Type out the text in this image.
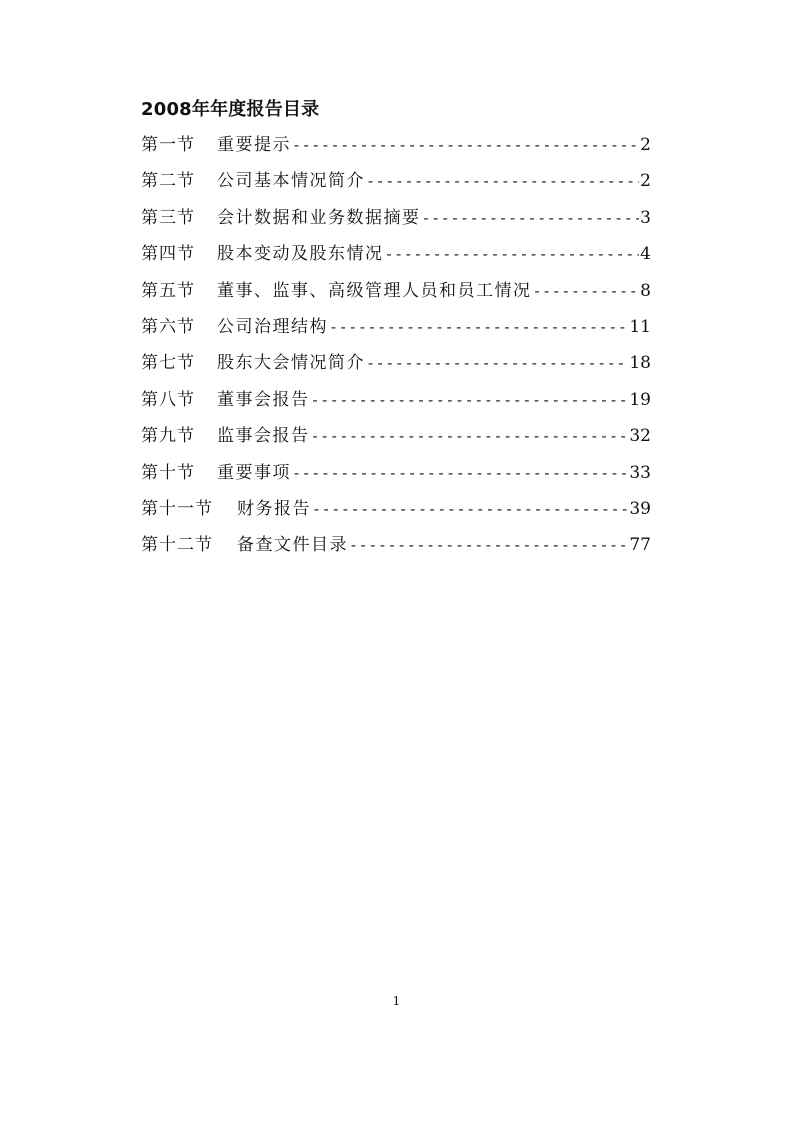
2008年年度报告目录
第一节	重要提示 -----	2
第二节	公司基本情况简介 -----	2
第三节	会计数据和业务数据摘要 -----	3
第四节	股本变动及股东情况 -----	4
第五节	董事、监事、高级管理人员和员工情况 -----	8
第六节	公司治理结构 -----	11
第七节	股东大会情况简介 -----	18
第八节	董事会报告 -----	19
第九节	监事会报告 -----	32
第十节	重要事项 -----	33
第十一节	财务报告 -----	39
第十二节	备查文件目录 -----	77
1
